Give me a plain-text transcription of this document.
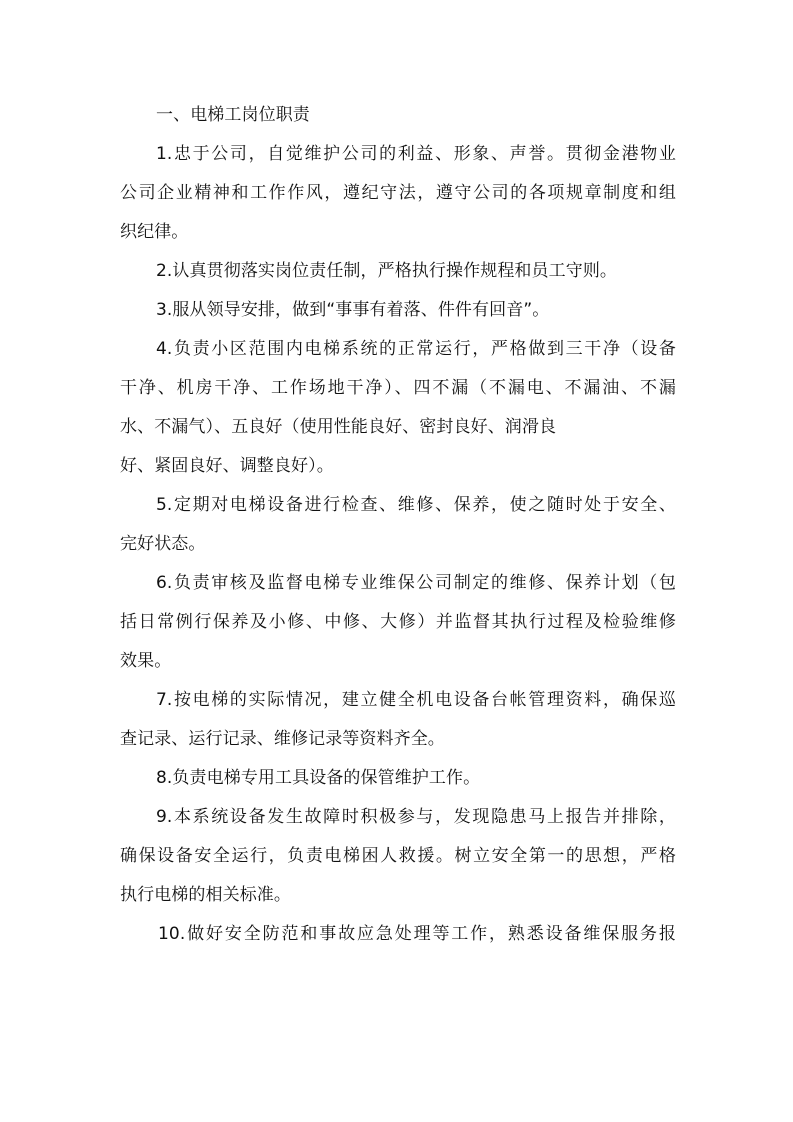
一、电梯工岗位职责
1.忠于公司，自觉维护公司的利益、形象、声誉。贯彻金港物业
公司企业精神和工作作风，遵纪守法，遵守公司的各项规章制度和组
织纪律。
2.认真贯彻落实岗位责任制，严格执行操作规程和员工守则。
3.服从领导安排，做到“事事有着落、件件有回音”。
4.负责小区范围内电梯系统的正常运行，严格做到三干净（设备
干净、机房干净、工作场地干净）、四不漏（不漏电、不漏油、不漏
水、不漏气）、五良好（使用性能良好、密封良好、润滑良
好、紧固良好、调整良好）。
5.定期对电梯设备进行检查、维修、保养，使之随时处于安全、
完好状态。
6.负责审核及监督电梯专业维保公司制定的维修、保养计划（包
括日常例行保养及小修、中修、大修）并监督其执行过程及检验维修
效果。
7.按电梯的实际情况，建立健全机电设备台帐管理资料，确保巡
查记录、运行记录、维修记录等资料齐全。
8.负责电梯专用工具设备的保管维护工作。
9.本系统设备发生故障时积极参与，发现隐患马上报告并排除，
确保设备安全运行，负责电梯困人救援。树立安全第一的思想，严格
执行电梯的相关标准。
10.做好安全防范和事故应急处理等工作，熟悉设备维保服务报
